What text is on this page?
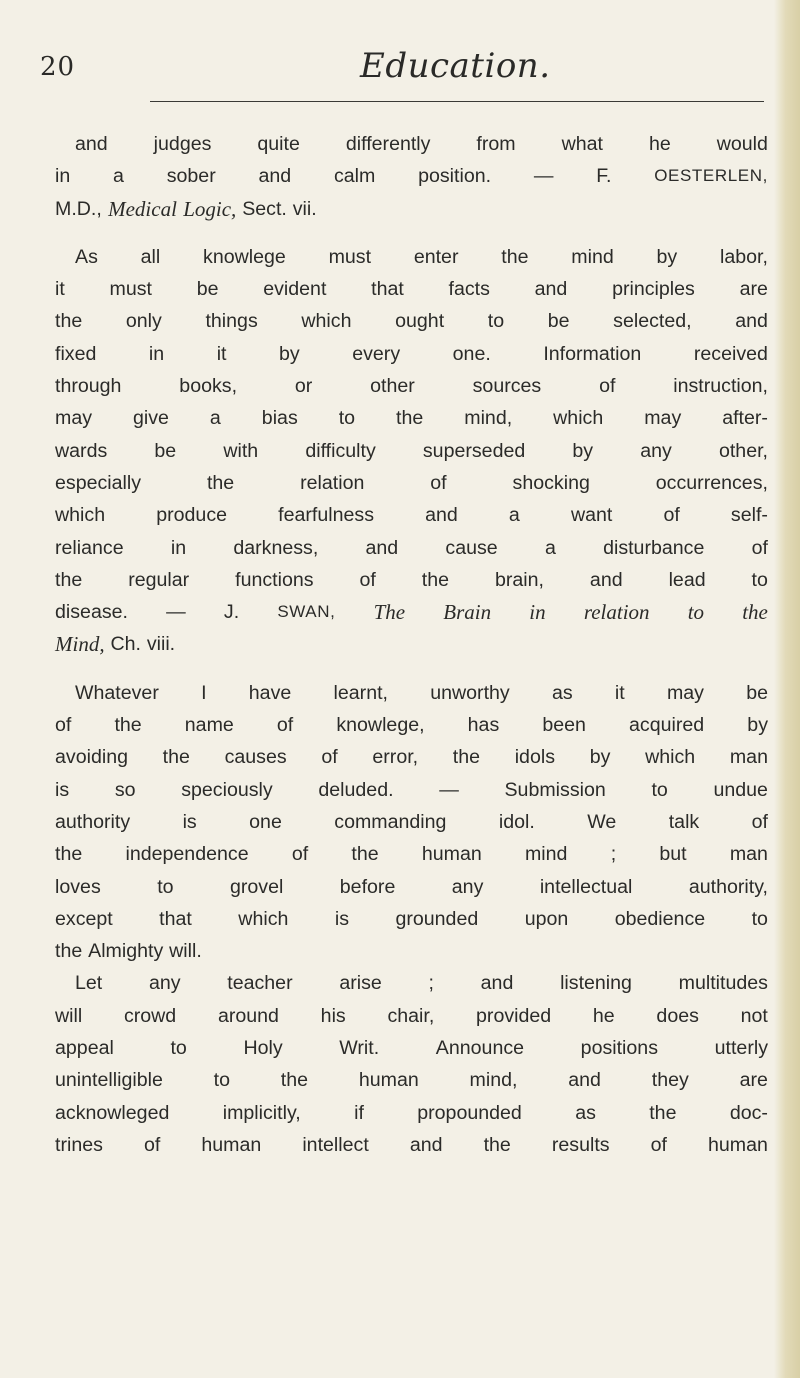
20	Education.
and judges quite differently from what he would
in a sober and calm position. — F.	OESTERLEN,
M.D., Medical Logic, Sect. vii.
As all knowlege must enter the mind by labor,
it must be evident that facts and principles are
the only things which ought to be selected, and
fixed	in	it	by	every	one.	Information	received
through	books,	or	other	sources	of	instruction,
may give a bias to the mind, which may after-
wards be with difficulty superseded by any other,
especially	the	relation	of	shocking	occurrences,
which	produce	fearfulness	and	a	want	of	self-
reliance in darkness, and cause a disturbance of
the regular functions of the brain, and lead to
disease. — J. SWAN, The Brain in relation to the
Mind, Ch. viii.
Whatever I have learnt, unworthy as it may be
of the name of knowlege, has been acquired by
avoiding the causes of error, the idols by which man
is so speciously deluded. — Submission to undue
authority	is	one	commanding	idol.	We	talk	of
the independence of the human mind ; but man
loves	to	grovel	before	any	intellectual	authority,
except that which is grounded upon obedience to
the Almighty will.
Let any teacher arise ; and listening multitudes
will crowd around his chair, provided he does not
appeal	to	Holy	Writ.	Announce	positions	utterly
unintelligible	to	the	human	mind,	and	they	are
acknowleged	implicitly,	if	propounded	as	the	doc-
trines of human intellect and the results of human
